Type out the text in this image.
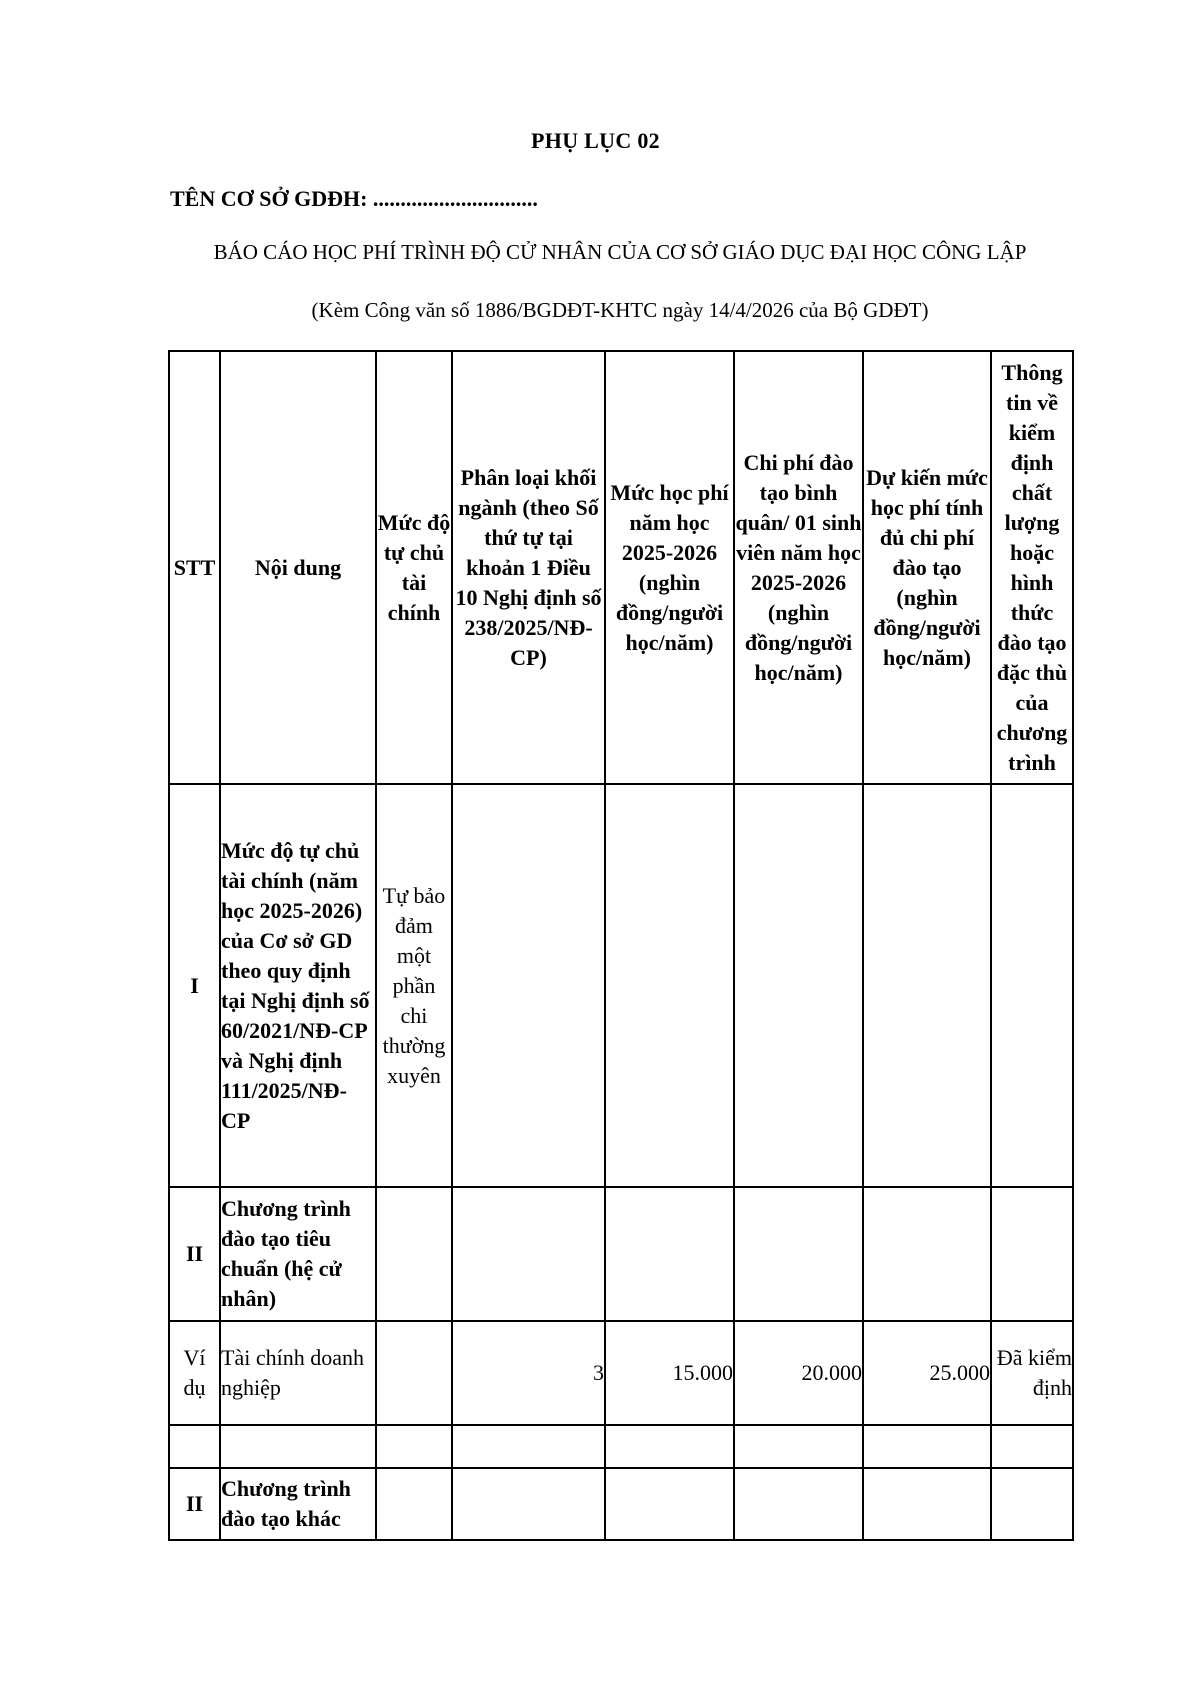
PHỤ LỤC 02
TÊN CƠ SỞ GDĐH: ..............................
BÁO CÁO HỌC PHÍ TRÌNH ĐỘ CỬ NHÂN CỦA CƠ SỞ GIÁO DỤC ĐẠI HỌC CÔNG LẬP
(Kèm Công văn số 1886/BGDĐT-KHTC ngày 14/4/2026 của Bộ GDĐT)
STT	Nội dung	Mức độ tự chủ tài chính	Phân loại khối ngành (theo Số thứ tự tại khoản 1 Điều 10 Nghị định số 238/2025/NĐ-CP)	Mức học phí năm học 2025-2026 (nghìn đồng/người học/năm)	Chi phí đào tạo bình quân/ 01 sinh viên năm học 2025-2026 (nghìn đồng/người học/năm)	Dự kiến mức học phí tính đủ chi phí đào tạo (nghìn đồng/người học/năm)	Thông tin về kiểm định chất lượng hoặc hình thức đào tạo đặc thù của chương trình
I	Mức độ tự chủ tài chính (năm học 2025-2026) của Cơ sở GD theo quy định tại Nghị định số 60/2021/NĐ-CP và Nghị định 111/2025/NĐ-CP	Tự bảo đảm một phần chi thường xuyên					
II	Chương trình đào tạo tiêu chuẩn (hệ cử nhân)						
Ví dụ	Tài chính doanh nghiệp		3	15.000	20.000	25.000	Đã kiểm định

II	Chương trình đào tạo khác						
